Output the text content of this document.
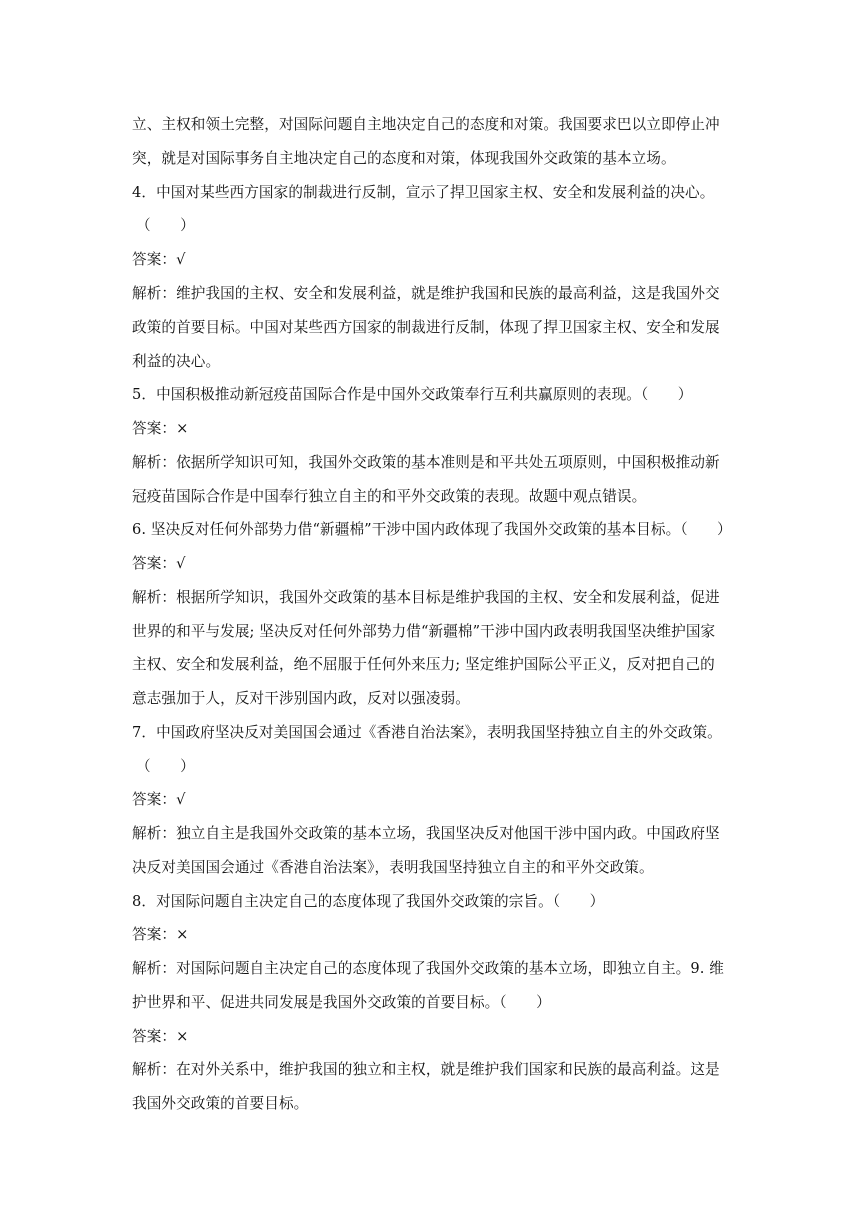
立、主权和领土完整，对国际问题自主地决定自己的态度和对策。我国要求巴以立即停止冲
突，就是对国际事务自主地决定自己的态度和对策，体现我国外交政策的基本立场。
4．中国对某些西方国家的制裁进行反制，宣示了捍卫国家主权、安全和发展利益的决心。
（　　）
答案：√
解析：维护我国的主权、安全和发展利益，就是维护我国和民族的最高利益，这是我国外交
政策的首要目标。中国对某些西方国家的制裁进行反制，体现了捍卫国家主权、安全和发展
利益的决心。
5．中国积极推动新冠疫苗国际合作是中国外交政策奉行互利共赢原则的表现。（　　）
答案：×
解析：依据所学知识可知，我国外交政策的基本准则是和平共处五项原则，中国积极推动新
冠疫苗国际合作是中国奉行独立自主的和平外交政策的表现。故题中观点错误。
6. 坚决反对任何外部势力借“新疆棉”干涉中国内政体现了我国外交政策的基本目标。（　　）
答案：√
解析：根据所学知识，我国外交政策的基本目标是维护我国的主权、安全和发展利益，促进
世界的和平与发展; 坚决反对任何外部势力借“新疆棉”干涉中国内政表明我国坚决维护国家
主权、安全和发展利益，绝不屈服于任何外来压力; 坚定维护国际公平正义，反对把自己的
意志强加于人，反对干涉别国内政，反对以强凌弱。
7．中国政府坚决反对美国国会通过《香港自治法案》，表明我国坚持独立自主的外交政策。
（　　）
答案：√
解析：独立自主是我国外交政策的基本立场，我国坚决反对他国干涉中国内政。中国政府坚
决反对美国国会通过《香港自治法案》，表明我国坚持独立自主的和平外交政策。
8．对国际问题自主决定自己的态度体现了我国外交政策的宗旨。（　　）
答案：×
解析：对国际问题自主决定自己的态度体现了我国外交政策的基本立场，即独立自主。9. 维
护世界和平、促进共同发展是我国外交政策的首要目标。（　　）
答案：×
解析：在对外关系中，维护我国的独立和主权，就是维护我们国家和民族的最高利益。这是
我国外交政策的首要目标。
